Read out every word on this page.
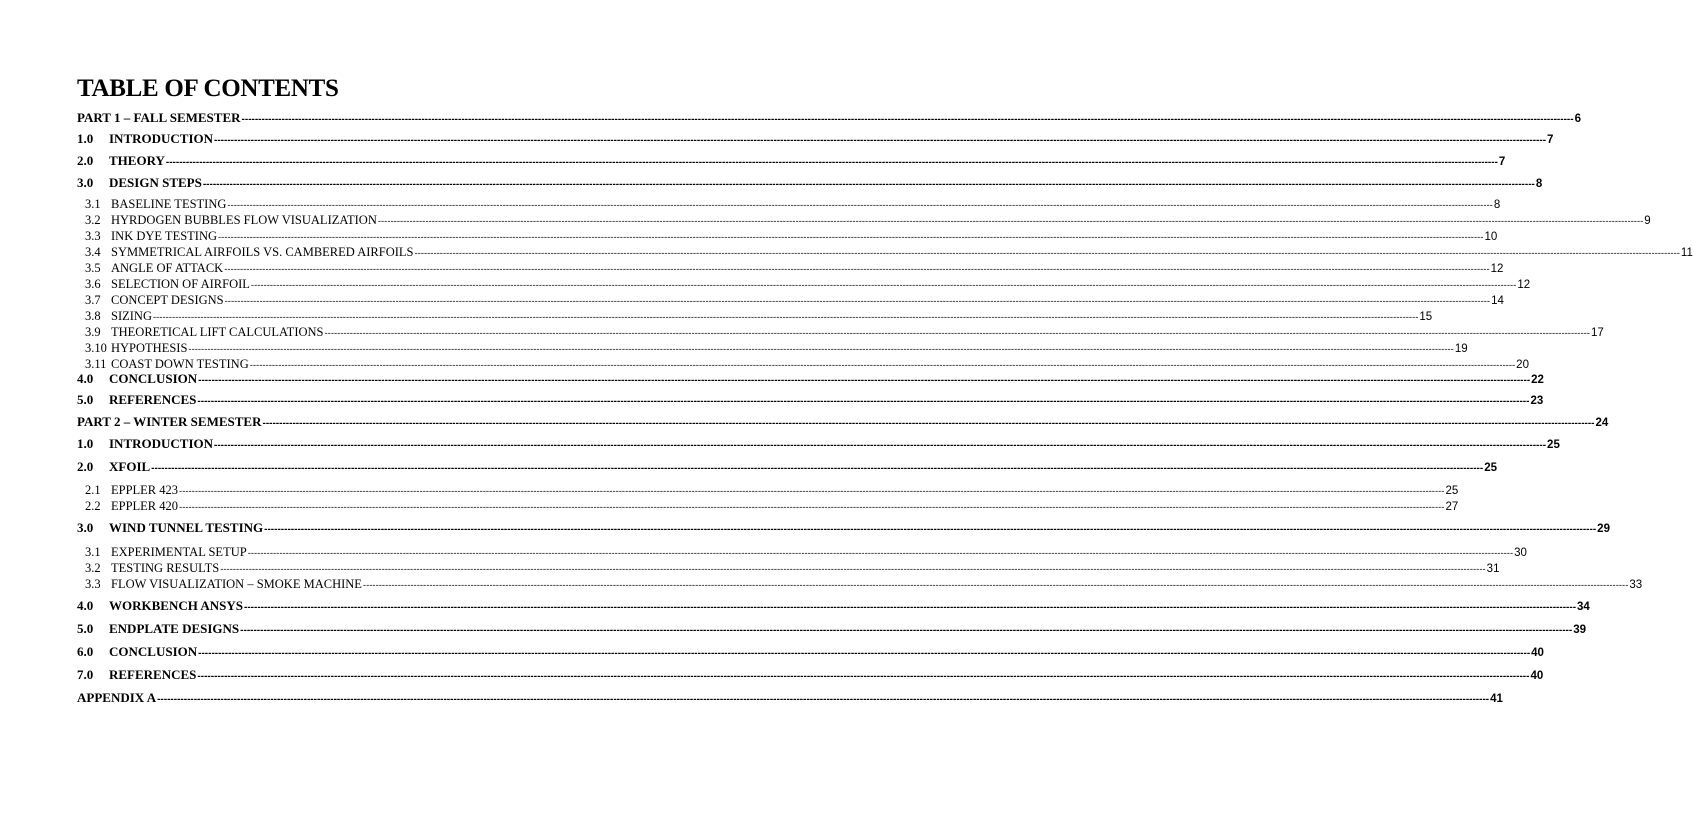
TABLE OF CONTENTS
PART 1 – FALL SEMESTER ---------------------------------------------------------------------------------------------------------------------------------------------------------------------------------------------------------------------------------------------------------------------------------------------------------------------------------------------------------------------------------------------------------------- 6
1.0	INTRODUCTION ---------------------------------------------------------------------------------------------------------------------------------------------------------------------------------------------------------------------------------------------------------------------------------------------------------------------------------------------------------------------------------------------------------------- 7
2.0	THEORY ---------------------------------------------------------------------------------------------------------------------------------------------------------------------------------------------------------------------------------------------------------------------------------------------------------------------------------------------------------------------------------------------------------------- 7
3.0	DESIGN STEPS ---------------------------------------------------------------------------------------------------------------------------------------------------------------------------------------------------------------------------------------------------------------------------------------------------------------------------------------------------------------------------------------------------------------- 8
3.1 BASELINE TESTING ---------------------------------------------------------------------------------------------------------------------------------------------------------------------------------------------------------------------------------------------------------------------------------------------------------------------------------------------------------------------------------------------------------------- 8
3.2 HYRDOGEN BUBBLES FLOW VISUALIZATION ---------------------------------------------------------------------------------------------------------------------------------------------------------------------------------------------------------------------------------------------------------------------------------------------------------------------------------------------------------------------------------------------------------------- 9
3.3 INK DYE TESTING ---------------------------------------------------------------------------------------------------------------------------------------------------------------------------------------------------------------------------------------------------------------------------------------------------------------------------------------------------------------------------------------------------------------- 10
3.4 SYMMETRICAL AIRFOILS VS. CAMBERED AIRFOILS ---------------------------------------------------------------------------------------------------------------------------------------------------------------------------------------------------------------------------------------------------------------------------------------------------------------------------------------------------------------------------------------------------------------- 11
3.5 ANGLE OF ATTACK ---------------------------------------------------------------------------------------------------------------------------------------------------------------------------------------------------------------------------------------------------------------------------------------------------------------------------------------------------------------------------------------------------------------- 12
3.6 SELECTION OF AIRFOIL ---------------------------------------------------------------------------------------------------------------------------------------------------------------------------------------------------------------------------------------------------------------------------------------------------------------------------------------------------------------------------------------------------------------- 12
3.7 CONCEPT DESIGNS ---------------------------------------------------------------------------------------------------------------------------------------------------------------------------------------------------------------------------------------------------------------------------------------------------------------------------------------------------------------------------------------------------------------- 14
3.8 SIZING ---------------------------------------------------------------------------------------------------------------------------------------------------------------------------------------------------------------------------------------------------------------------------------------------------------------------------------------------------------------------------------------------------------------- 15
3.9 THEORETICAL LIFT CALCULATIONS ---------------------------------------------------------------------------------------------------------------------------------------------------------------------------------------------------------------------------------------------------------------------------------------------------------------------------------------------------------------------------------------------------------------- 17
3.10 HYPOTHESIS ---------------------------------------------------------------------------------------------------------------------------------------------------------------------------------------------------------------------------------------------------------------------------------------------------------------------------------------------------------------------------------------------------------------- 19
3.11 COAST DOWN TESTING ---------------------------------------------------------------------------------------------------------------------------------------------------------------------------------------------------------------------------------------------------------------------------------------------------------------------------------------------------------------------------------------------------------------- 20
4.0	CONCLUSION ---------------------------------------------------------------------------------------------------------------------------------------------------------------------------------------------------------------------------------------------------------------------------------------------------------------------------------------------------------------------------------------------------------------- 22
5.0	REFERENCES ---------------------------------------------------------------------------------------------------------------------------------------------------------------------------------------------------------------------------------------------------------------------------------------------------------------------------------------------------------------------------------------------------------------- 23
PART 2 – WINTER SEMESTER ---------------------------------------------------------------------------------------------------------------------------------------------------------------------------------------------------------------------------------------------------------------------------------------------------------------------------------------------------------------------------------------------------------------- 24
1.0	INTRODUCTION ---------------------------------------------------------------------------------------------------------------------------------------------------------------------------------------------------------------------------------------------------------------------------------------------------------------------------------------------------------------------------------------------------------------- 25
2.0	XFOIL ---------------------------------------------------------------------------------------------------------------------------------------------------------------------------------------------------------------------------------------------------------------------------------------------------------------------------------------------------------------------------------------------------------------- 25
2.1 EPPLER 423 ---------------------------------------------------------------------------------------------------------------------------------------------------------------------------------------------------------------------------------------------------------------------------------------------------------------------------------------------------------------------------------------------------------------- 25
2.2 EPPLER 420 ---------------------------------------------------------------------------------------------------------------------------------------------------------------------------------------------------------------------------------------------------------------------------------------------------------------------------------------------------------------------------------------------------------------- 27
3.0	WIND TUNNEL TESTING ---------------------------------------------------------------------------------------------------------------------------------------------------------------------------------------------------------------------------------------------------------------------------------------------------------------------------------------------------------------------------------------------------------------- 29
3.1 EXPERIMENTAL SETUP ---------------------------------------------------------------------------------------------------------------------------------------------------------------------------------------------------------------------------------------------------------------------------------------------------------------------------------------------------------------------------------------------------------------- 30
3.2 TESTING RESULTS ---------------------------------------------------------------------------------------------------------------------------------------------------------------------------------------------------------------------------------------------------------------------------------------------------------------------------------------------------------------------------------------------------------------- 31
3.3 FLOW VISUALIZATION – SMOKE MACHINE ---------------------------------------------------------------------------------------------------------------------------------------------------------------------------------------------------------------------------------------------------------------------------------------------------------------------------------------------------------------------------------------------------------------- 33
4.0	WORKBENCH ANSYS ---------------------------------------------------------------------------------------------------------------------------------------------------------------------------------------------------------------------------------------------------------------------------------------------------------------------------------------------------------------------------------------------------------------- 34
5.0	ENDPLATE DESIGNS ---------------------------------------------------------------------------------------------------------------------------------------------------------------------------------------------------------------------------------------------------------------------------------------------------------------------------------------------------------------------------------------------------------------- 39
6.0	CONCLUSION ---------------------------------------------------------------------------------------------------------------------------------------------------------------------------------------------------------------------------------------------------------------------------------------------------------------------------------------------------------------------------------------------------------------- 40
7.0	REFERENCES ---------------------------------------------------------------------------------------------------------------------------------------------------------------------------------------------------------------------------------------------------------------------------------------------------------------------------------------------------------------------------------------------------------------- 40
APPENDIX A ---------------------------------------------------------------------------------------------------------------------------------------------------------------------------------------------------------------------------------------------------------------------------------------------------------------------------------------------------------------------------------------------------------------- 41
